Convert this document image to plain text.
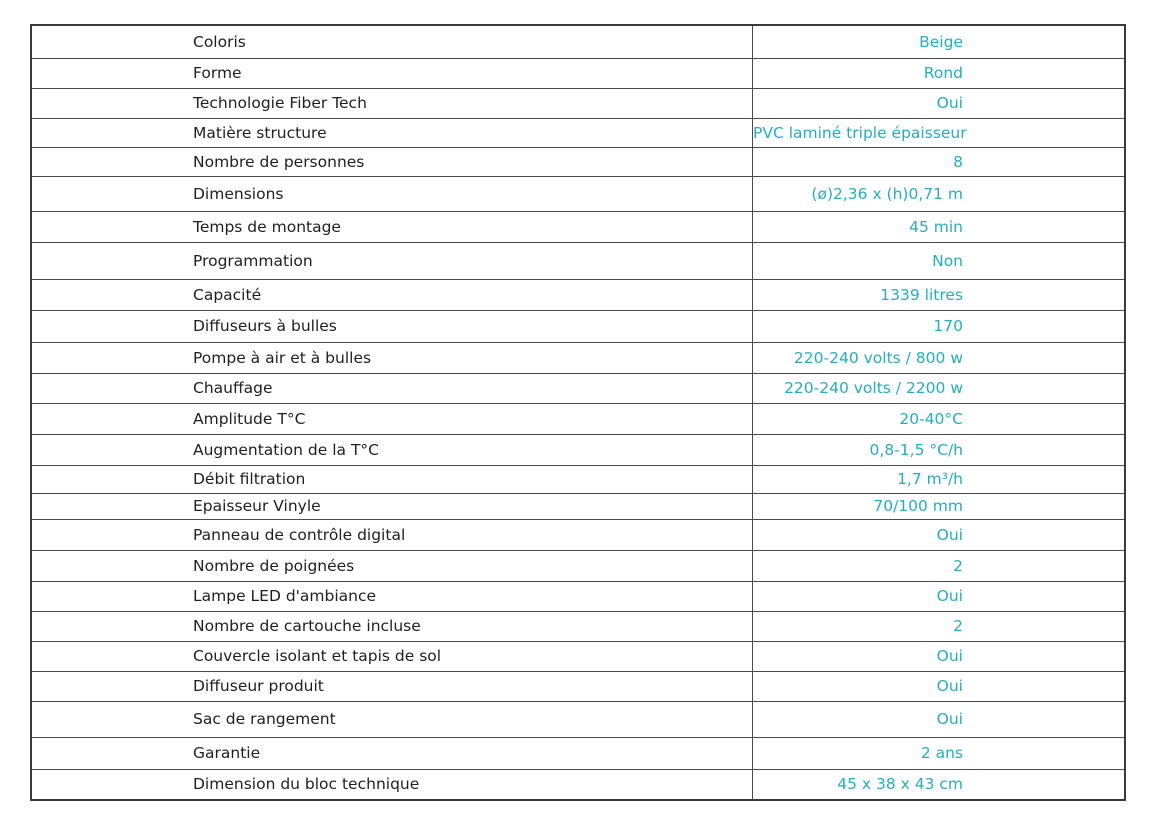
Coloris	Beige
Forme	Rond
Technologie Fiber Tech	Oui
Matière structure	PVC laminé triple épaisseur
Nombre de personnes	8
Dimensions	(ø)2,36 x (h)0,71 m
Temps de montage	45 min
Programmation	Non
Capacité	1339 litres
Diffuseurs à bulles	170
Pompe à air et à bulles	220-240 volts / 800 w
Chauffage	220-240 volts / 2200 w
Amplitude T°C	20-40°C
Augmentation de la T°C	0,8-1,5 °C/h
Débit filtration	1,7 m³/h
Epaisseur Vinyle	70/100 mm
Panneau de contrôle digital	Oui
Nombre de poignées	2
Lampe LED d'ambiance	Oui
Nombre de cartouche incluse	2
Couvercle isolant et tapis de sol	Oui
Diffuseur produit	Oui
Sac de rangement	Oui
Garantie	2 ans
Dimension du bloc technique	45 x 38 x 43 cm
